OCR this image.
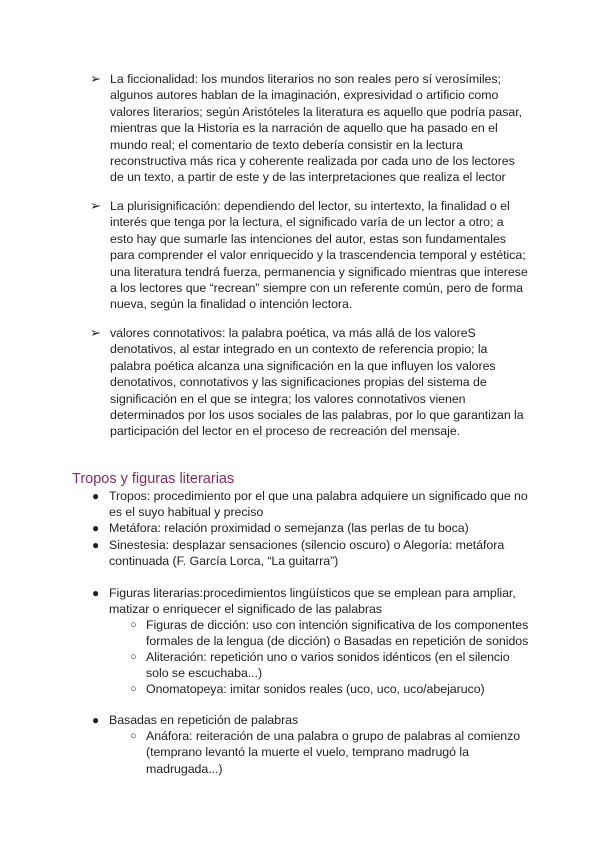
➢ La ficcionalidad: los mundos literarios no son reales pero sí verosímiles; algunos autores hablan de la imaginación, expresividad o artificio como valores literarios; según Aristóteles la literatura es aquello que podría pasar, mientras que la Historia es la narración de aquello que ha pasado en el mundo real; el comentario de texto debería consistir en la lectura reconstructiva más rica y coherente realizada por cada uno de los lectores de un texto, a partir de este y de las interpretaciones que realiza el lector
➢ La plurisignificación: dependiendo del lector, su intertexto, la finalidad o el interés que tenga por la lectura, el significado varía de un lector a otro; a esto hay que sumarle las intenciones del autor, estas son fundamentales para comprender el valor enriquecido y la trascendencia temporal y estética; una literatura tendrá fuerza, permanencia y significado mientras que interese a los lectores que “recrean” siempre con un referente común, pero de forma nueva, según la finalidad o intención lectora.
➢ valores connotativos: la palabra poética, va más allá de los valoreS denotativos, al estar integrado en un contexto de referencia propio; la palabra poética alcanza una significación en la que influyen los valores denotativos, connotativos y las significaciones propias del sistema de significación en el que se integra; los valores connotativos vienen determinados por los usos sociales de las palabras, por lo que garantizan la participación del lector en el proceso de recreación del mensaje.
Tropos y figuras literarias
● Tropos: procedimiento por el que una palabra adquiere un significado que no es el suyo habitual y preciso
● Metáfora: relación proximidad o semejanza (las perlas de tu boca)
● Sinestesia: desplazar sensaciones (silencio oscuro) o Alegoría: metáfora continuada (F. García Lorca, “La guitarra”)
● Figuras literarias:procedimientos lingüísticos que se emplean para ampliar, matizar o enriquecer el significado de las palabras
○ Figuras de dicción: uso con intención significativa de los componentes formales de la lengua (de dicción) o Basadas en repetición de sonidos
○ Aliteración: repetición uno o varios sonidos idénticos (en el silencio solo se escuchaba...)
○ Onomatopeya: imitar sonidos reales (uco, uco, uco/abejaruco)
● Basadas en repetición de palabras
○ Anáfora: reiteración de una palabra o grupo de palabras al comienzo (temprano levantó la muerte el vuelo, temprano madrugó la madrugada...)
